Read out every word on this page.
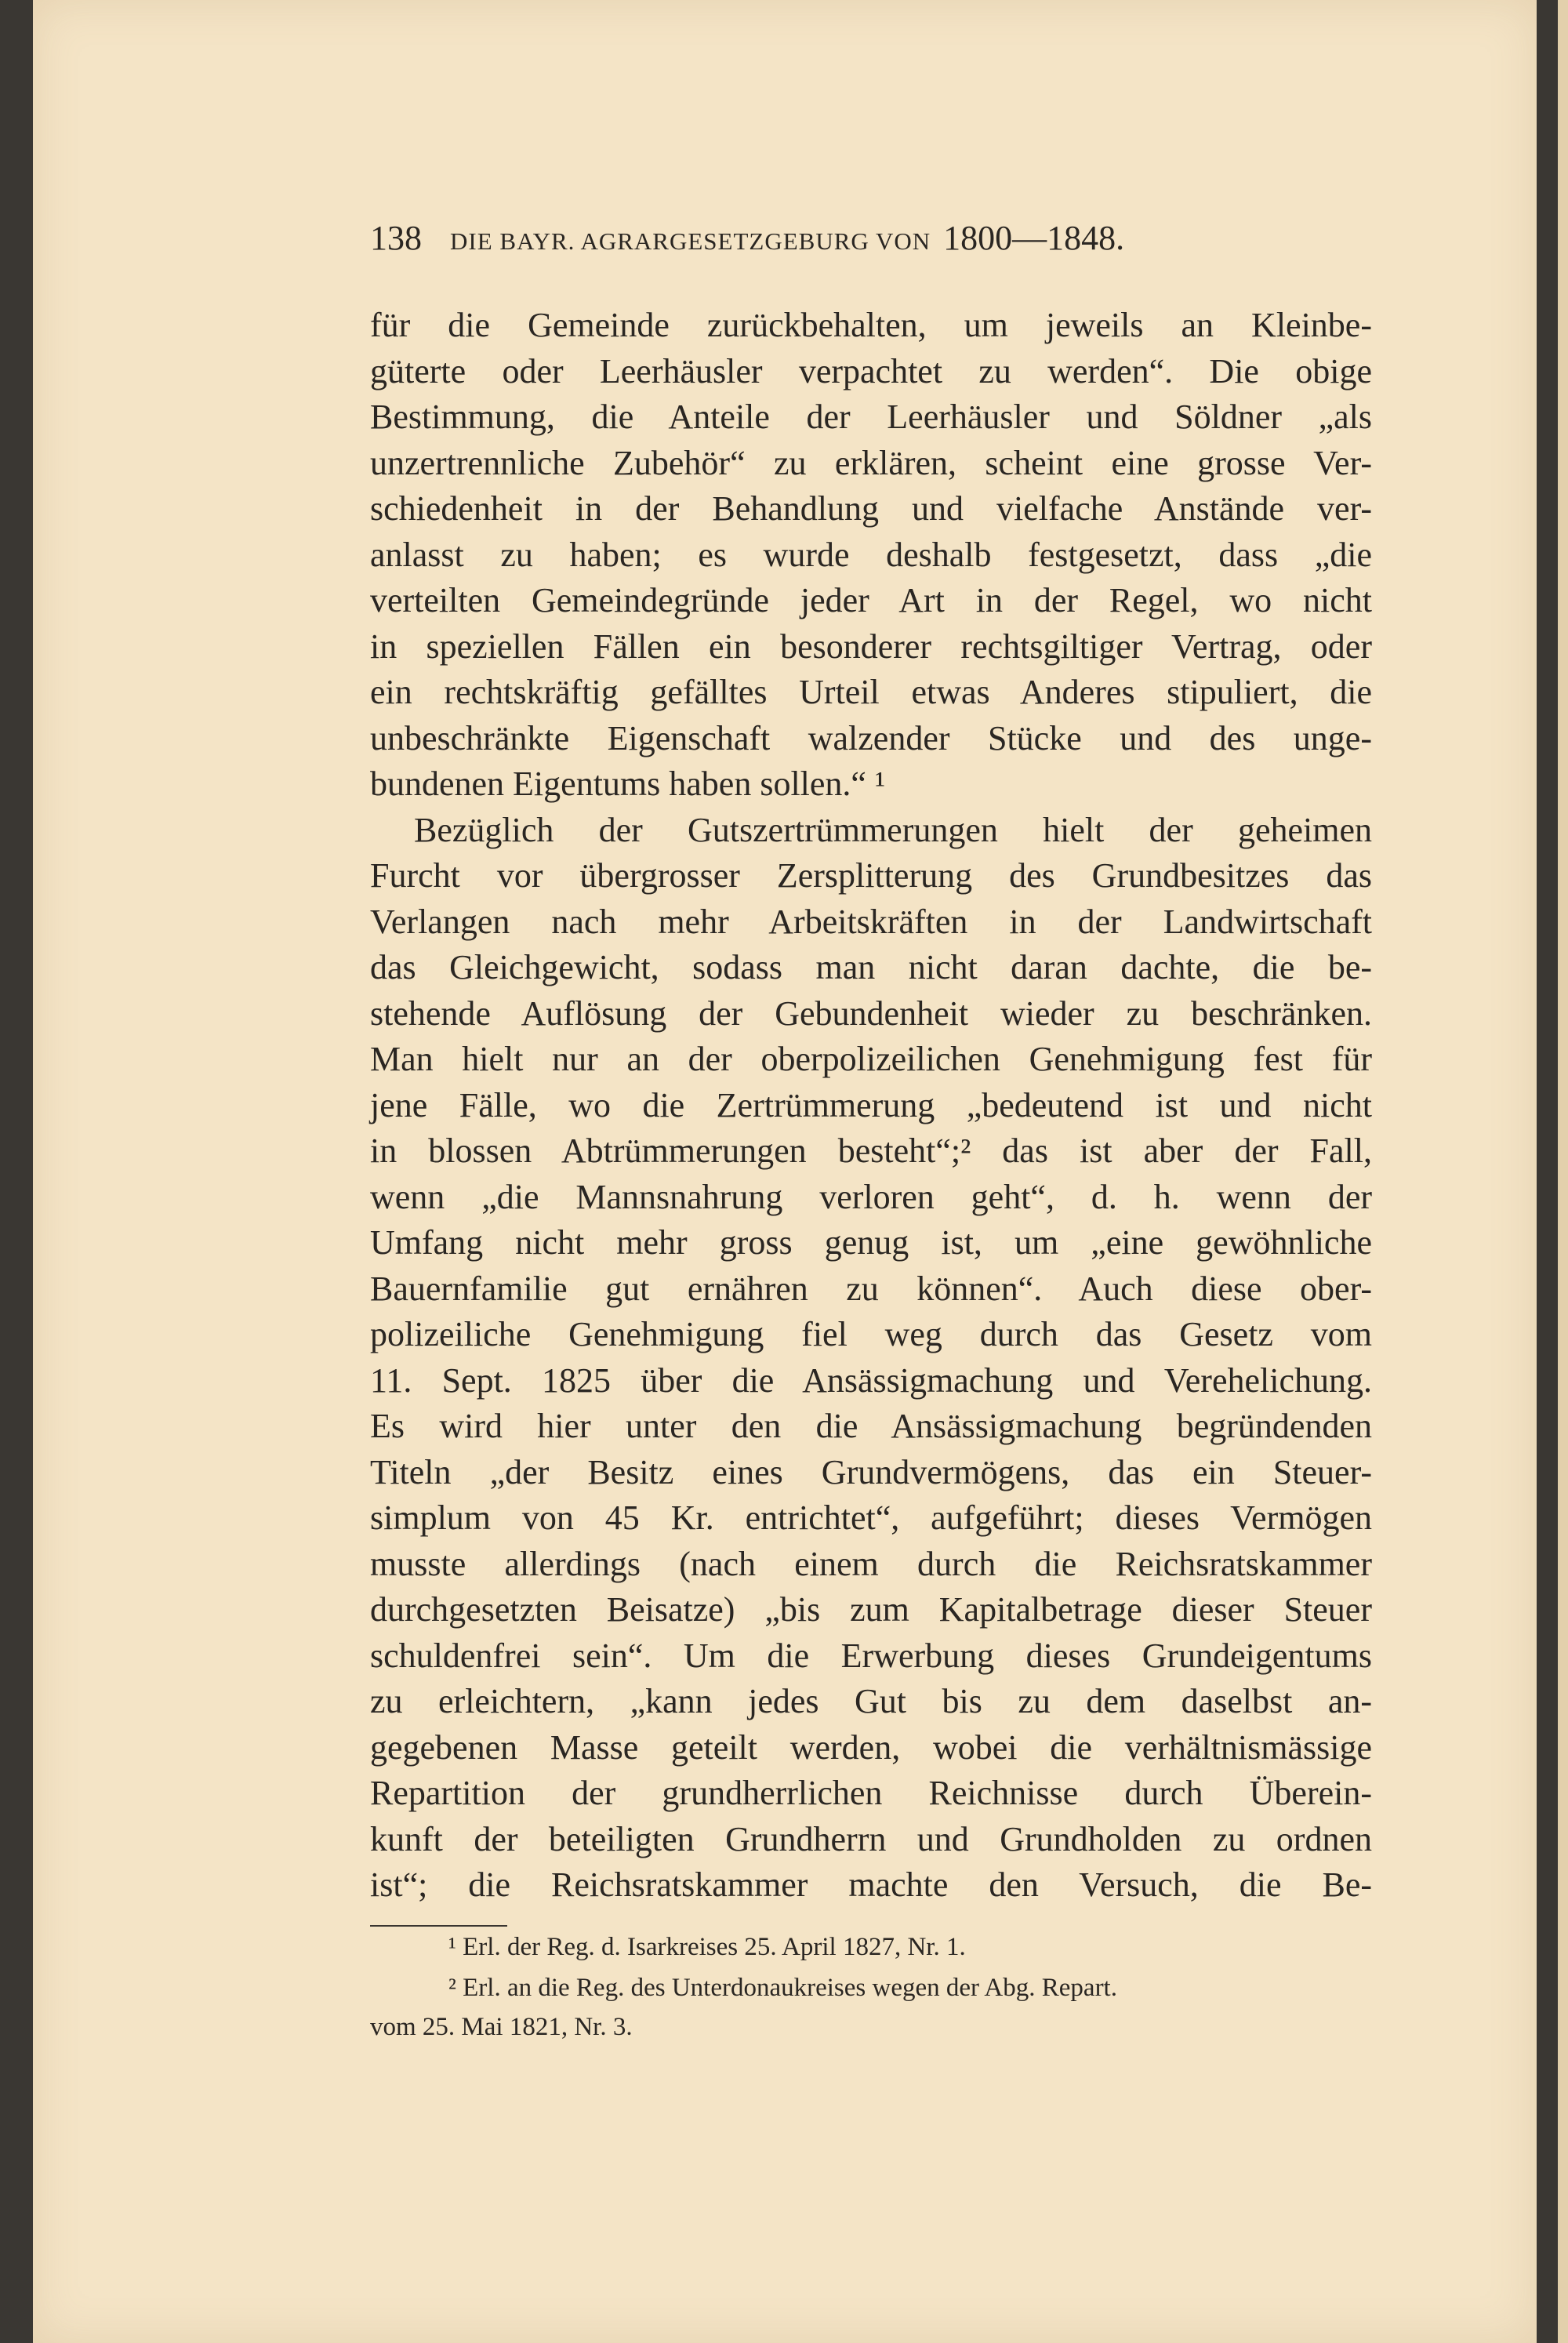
138 DIE BAYR. AGRARGESETZGEBURG VON 1800—1848.
für die Gemeinde zurückbehalten, um jeweils an Kleinbe-
güterte oder Leerhäusler verpachtet zu werden“. Die obige
Bestimmung, die Anteile der Leerhäusler und Söldner „als
unzertrennliche Zubehör“ zu erklären, scheint eine grosse Ver-
schiedenheit in der Behandlung und vielfache Anstände ver-
anlasst zu haben; es wurde deshalb festgesetzt, dass „die
verteilten Gemeindegründe jeder Art in der Regel, wo nicht
in speziellen Fällen ein besonderer rechtsgiltiger Vertrag, oder
ein rechtskräftig gefälltes Urteil etwas Anderes stipuliert, die
unbeschränkte Eigenschaft walzender Stücke und des unge-
bundenen Eigentums haben sollen.“ ¹
Bezüglich der Gutszertrümmerungen hielt der geheimen
Furcht vor übergrosser Zersplitterung des Grundbesitzes das
Verlangen nach mehr Arbeitskräften in der Landwirtschaft
das Gleichgewicht, sodass man nicht daran dachte, die be-
stehende Auflösung der Gebundenheit wieder zu beschränken.
Man hielt nur an der oberpolizeilichen Genehmigung fest für
jene Fälle, wo die Zertrümmerung „bedeutend ist und nicht
in blossen Abtrümmerungen besteht“;² das ist aber der Fall,
wenn „die Mannsnahrung verloren geht“, d. h. wenn der
Umfang nicht mehr gross genug ist, um „eine gewöhnliche
Bauernfamilie gut ernähren zu können“. Auch diese ober-
polizeiliche Genehmigung fiel weg durch das Gesetz vom
11. Sept. 1825 über die Ansässigmachung und Verehelichung.
Es wird hier unter den die Ansässigmachung begründenden
Titeln „der Besitz eines Grundvermögens, das ein Steuer-
simplum von 45 Kr. entrichtet“, aufgeführt; dieses Vermögen
musste allerdings (nach einem durch die Reichsratskammer
durchgesetzten Beisatze) „bis zum Kapitalbetrage dieser Steuer
schuldenfrei sein“. Um die Erwerbung dieses Grundeigentums
zu erleichtern, „kann jedes Gut bis zu dem daselbst an-
gegebenen Masse geteilt werden, wobei die verhältnismässige
Repartition der grundherrlichen Reichnisse durch Überein-
kunft der beteiligten Grundherrn und Grundholden zu ordnen
ist“; die Reichsratskammer machte den Versuch, die Be-
¹ Erl. der Reg. d. Isarkreises 25. April 1827, Nr. 1.
² Erl. an die Reg. des Unterdonaukreises wegen der Abg. Repart.
vom 25. Mai 1821, Nr. 3.
